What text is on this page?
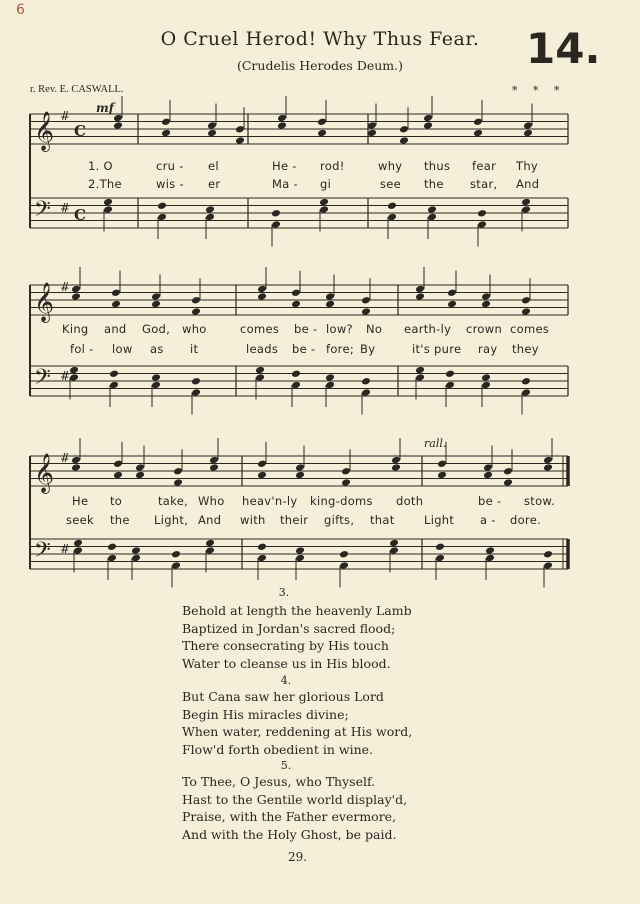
6
O Cruel Herod! Why Thus Fear.	14.
(Crudelis Herodes Deum.)
r. Rev. E. CASWALL.	* * *
𝄞
𝄢
#
#
C
C
mf
𝄞
𝄢
#
#
𝄞
𝄢
#
#
1. O	cru - el	He - rod!	why thus fear Thy
2.The	wis - er	Ma - gi	see the star, And
King and God, who	comes be - low? No earth-ly crown comes
fol - low as it	leads be - fore; By	it's pure ray they
rall.
He to	take, Who heav'n-ly king-doms doth	be - stow.
seek the Light, And with their gifts, that	Light a - dore.
3.
Behold at length the heavenly Lamb
Baptized in Jordan's sacred flood;
There consecrating by His touch
Water to cleanse us in His blood.
4.
But Cana saw her glorious Lord
Begin His miracles divine;
When water, reddening at His word,
Flow'd forth obedient in wine.
5.
To Thee, O Jesus, who Thyself.
Hast to the Gentile world display'd,
Praise, with the Father evermore,
And with the Holy Ghost, be paid.
29.
